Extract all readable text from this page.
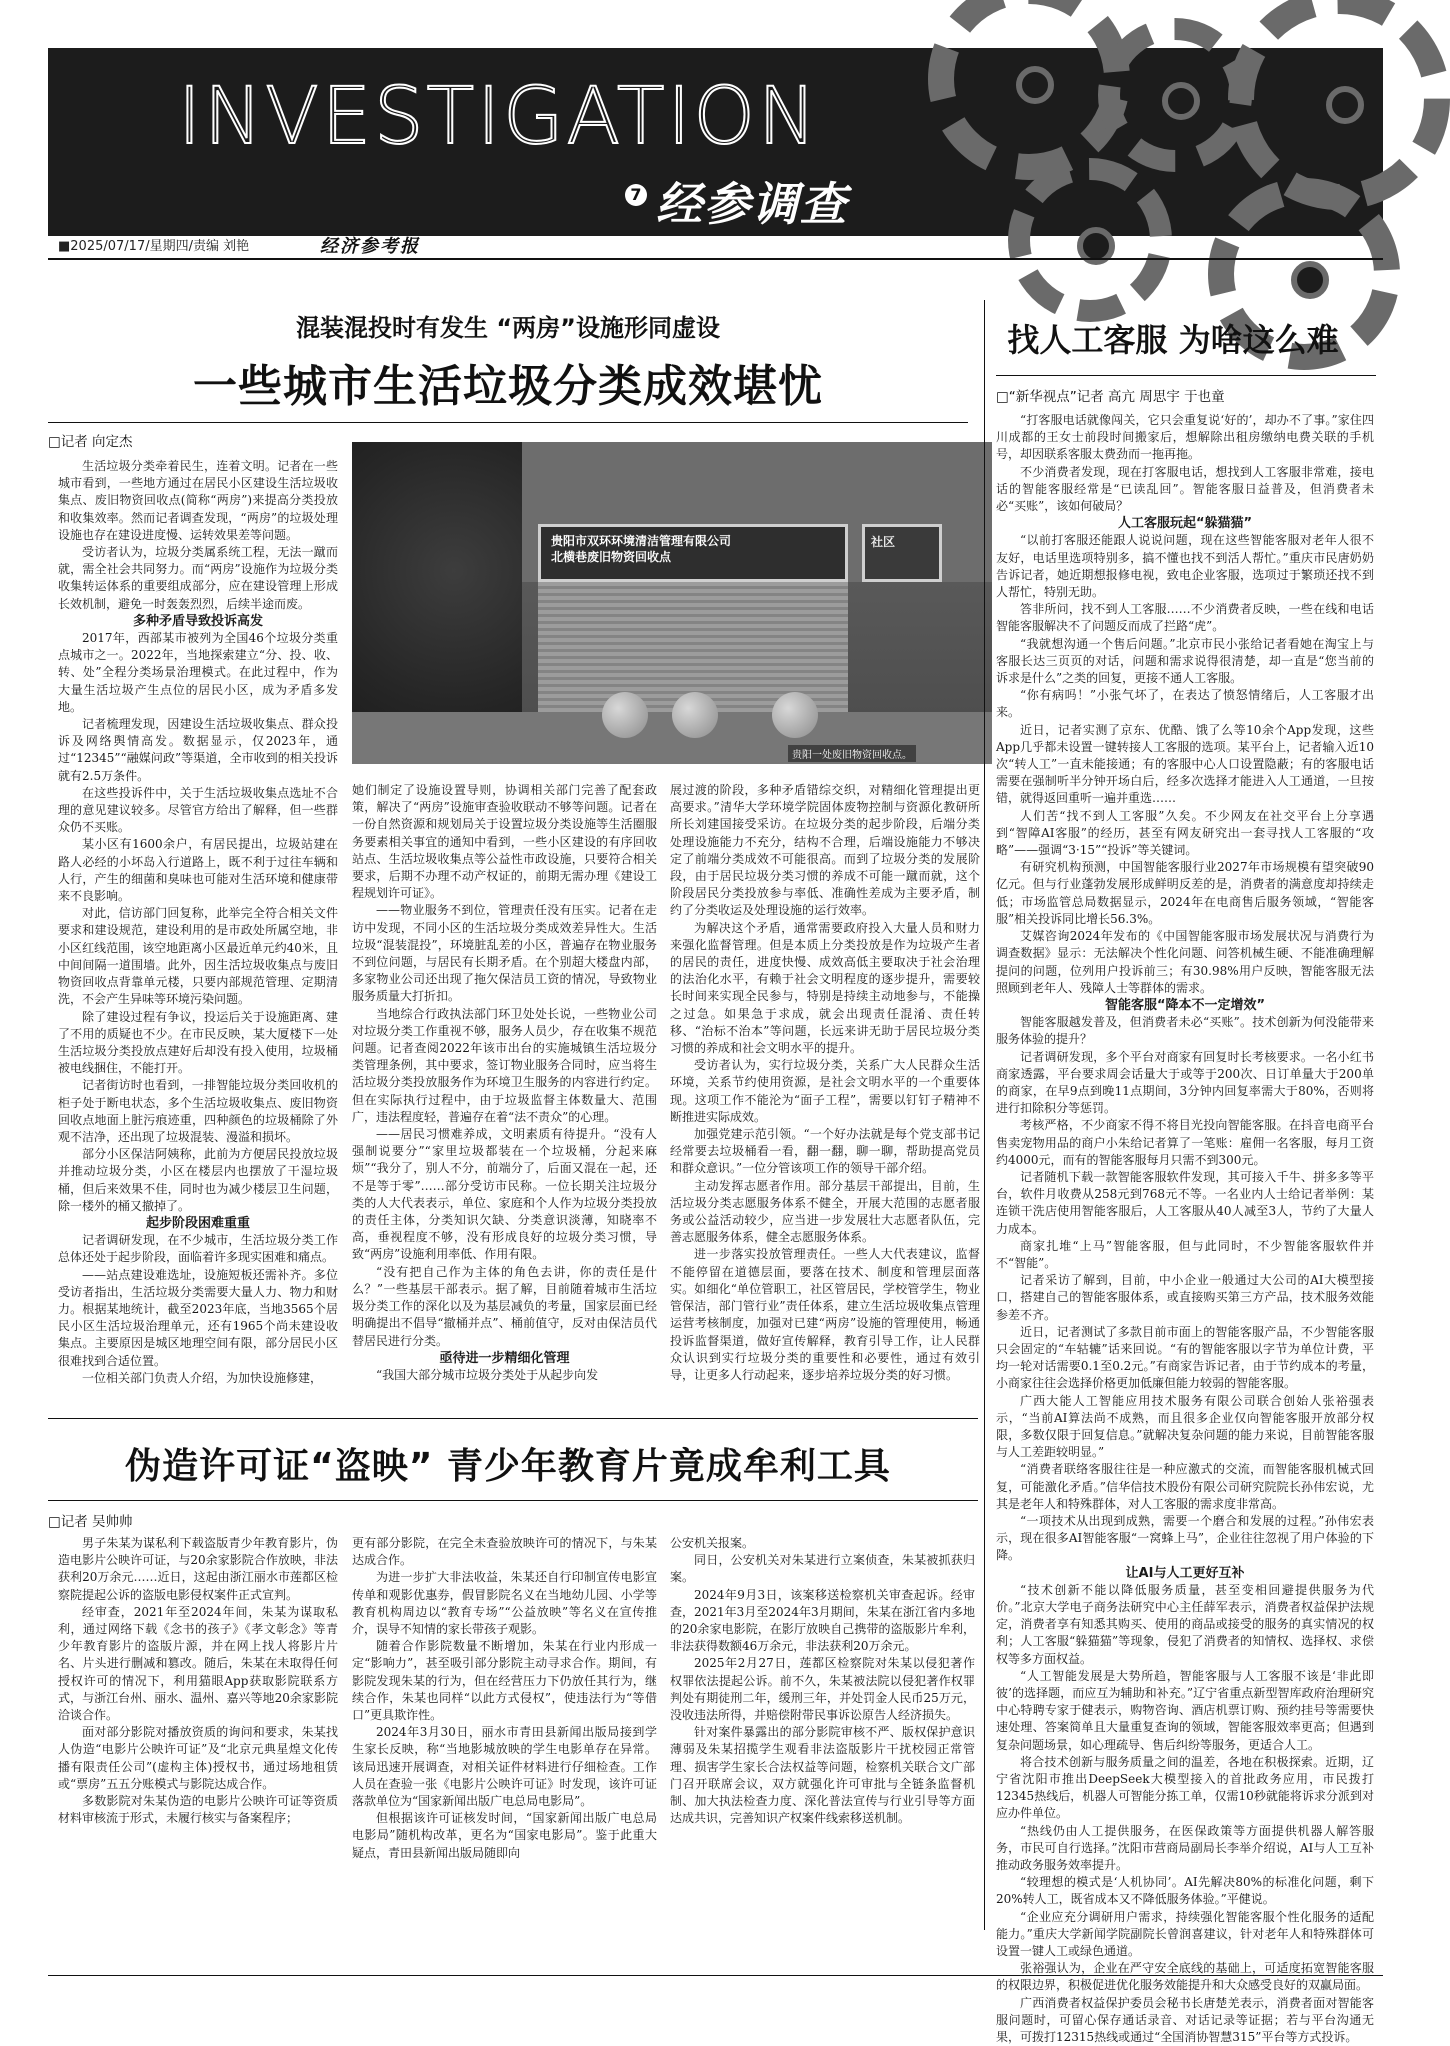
INVESTIGATION
7 经参调查
■2025/07/17/星期四/责编 刘艳	经济参考报
混装混投时有发生 “两房”设施形同虚设
一些城市生活垃圾分类成效堪忧
□记者 向定杰

生活垃圾分类牵着民生，连着文明。记者在一些城市看到，一些地方通过在居民小区建设生活垃圾收集点、废旧物资回收点(简称“两房”)来提高分类投放和收集效率。然而记者调查发现，“两房”的垃圾处理设施也存在建设进度慢、运转效果差等问题。

受访者认为，垃圾分类属系统工程，无法一蹴而就，需全社会共同努力。而“两房”设施作为垃圾分类收集转运体系的重要组成部分，应在建设管理上形成长效机制，避免一时轰轰烈烈，后续半途而废。

多种矛盾导致投诉高发

2017年，西部某市被列为全国46个垃圾分类重点城市之一。2022年，当地探索建立“分、投、收、转、处”全程分类场景治理模式。在此过程中，作为大量生活垃圾产生点位的居民小区，成为矛盾多发地。

记者梳理发现，因建设生活垃圾收集点、群众投诉及网络舆情高发。数据显示，仅2023年，通过“12345”“融媒问政”等渠道，全市收到的相关投诉就有2.5万条件。

在这些投诉件中，关于生活垃圾收集点选址不合理的意见建议较多。尽管官方给出了解释，但一些群众仍不买账。

某小区有1600余户，有居民提出，垃圾站建在路人必经的小坏岛入行道路上，既不利于过往车辆和人行，产生的细菌和臭味也可能对生活环境和健康带来不良影响。

对此，信访部门回复称，此举完全符合相关文件要求和建设规范，建设利用的是市政处所属空地，非小区红线范围，该空地距离小区最近单元约40米，且中间间隔一道围墙。此外，因生活垃圾收集点与废旧物资回收点背靠单元楼，只要内部规范管理、定期清洗，不会产生异味等环境污染问题。

除了建设过程有争议，投运后关于设施距离、建了不用的质疑也不少。在市民反映，某大厦楼下一处生活垃圾分类投放点建好后却没有投入使用，垃圾桶被电线捆住，不能打开。

记者街访时也看到，一排智能垃圾分类回收机的柜子处于断电状态，多个生活垃圾收集点、废旧物资回收点地面上脏污痕迹重，四种颜色的垃圾桶除了外观不洁净，还出现了垃圾混装、漫溢和损坏。

部分小区保洁阿姨称，此前为方便居民投放垃圾并推动垃圾分类，小区在楼层内也摆放了干湿垃圾桶，但后来效果不佳，同时也为减少楼层卫生问题，除一楼外的桶又撤掉了。

起步阶段困难重重

记者调研发现，在不少城市，生活垃圾分类工作总体还处于起步阶段，面临着许多现实困难和痛点。

——站点建设难选址，设施短板还需补齐。多位受访者指出，生活垃圾分类需要大量人力、物力和财力。根据某地统计，截至2023年底，当地3565个居民小区生活垃圾治理单元，还有1965个尚未建设收集点。主要原因是城区地理空间有限，部分居民小区很难找到合适位置。

一位相关部门负责人介绍，为加快设施修建，

贵阳市双环环境清洁管理有限公司
北横巷废旧物资回收点
社区
贵阳一处废旧物资回收点。

她们制定了设施设置导则，协调相关部门完善了配套政策，解决了“两房”设施审查验收联动不够等问题。记者在一份自然资源和规划局关于设置垃圾分类设施等生活圈服务要素相关事宜的通知中看到，一些小区建设的有序回收站点、生活垃圾收集点等公益性市政设施，只要符合相关要求，后期不办理不动产权证的，前期无需办理《建设工程规划许可证》。

——物业服务不到位，管理责任没有压实。记者在走访中发现，不同小区的生活垃圾分类成效差异性大。生活垃圾“混装混投”，环境脏乱差的小区，普遍存在物业服务不到位问题，与居民有长期矛盾。在个别超大楼盘内部，多家物业公司还出现了拖欠保洁员工资的情况，导致物业服务质量大打折扣。

当地综合行政执法部门环卫处处长说，一些物业公司对垃圾分类工作重视不够，服务人员少，存在收集不规范问题。记者查阅2022年该市出台的实施城镇生活垃圾分类管理条例，其中要求，签订物业服务合同时，应当将生活垃圾分类投放服务作为环境卫生服务的内容进行约定。但在实际执行过程中，由于垃圾监督主体数量大、范围广，违法程度轻，普遍存在着“法不责众”的心理。

——居民习惯难养成，文明素质有待提升。“没有人强制说要分”“家里垃圾都装在一个垃圾桶，分起来麻烦”“我分了，别人不分，前端分了，后面又混在一起，还不是等于零”……部分受访市民称。一位长期关注垃圾分类的人大代表表示，单位、家庭和个人作为垃圾分类投放的责任主体，分类知识欠缺、分类意识淡薄，知晓率不高，垂视程度不够，没有形成良好的垃圾分类习惯，导致“两房”设施利用率低、作用有限。

“没有把自己作为主体的角色去讲，你的责任是什么？”一些基层干部表示。据了解，目前随着城市生活垃圾分类工作的深化以及为基层减负的考量，国家层面已经明确提出不倡导“撤桶并点”、桶前值守，反对由保洁员代替居民进行分类。

亟待进一步精细化管理

“我国大部分城市垃圾分类处于从起步向发

展过渡的阶段，多种矛盾错综交织，对精细化管理提出更高要求。”清华大学环境学院固体废物控制与资源化教研所所长刘建国接受采访。在垃圾分类的起步阶段，后端分类处理设施能力不充分，结构不合理，后端设施能力不够决定了前端分类成效不可能很高。而到了垃圾分类的发展阶段，由于居民垃圾分类习惯的养成不可能一蹴而就，这个阶段居民分类投放参与率低、准确性差成为主要矛盾，制约了分类收运及处理设施的运行效率。

为解决这个矛盾，通常需要政府投入大量人员和财力来强化监督管理。但是本质上分类投放是作为垃圾产生者的居民的责任，进度快慢、成效高低主要取决于社会治理的法治化水平，有赖于社会文明程度的逐步提升，需要较长时间来实现全民参与，特别是持续主动地参与，不能操之过急。如果急于求成，就会出现责任混淆、责任转移、“治标不治本”等问题，长远来讲无助于居民垃圾分类习惯的养成和社会文明水平的提升。

受访者认为，实行垃圾分类，关系广大人民群众生活环境，关系节约使用资源，是社会文明水平的一个重要体现。这项工作不能沦为“面子工程”，需要以钉钉子精神不断推进实际成效。

加强党建示范引领。“一个好办法就是每个党支部书记经常要去垃圾桶看一看，翻一翻，聊一聊，帮助提高党员和群众意识。”一位分管该项工作的领导干部介绍。

主动发挥志愿者作用。部分基层干部提出，目前，生活垃圾分类志愿服务体系不健全，开展大范围的志愿者服务或公益活动较少，应当进一步发展壮大志愿者队伍，完善志愿服务体系，健全志愿服务体系。

进一步落实投放管理责任。一些人大代表建议，监督不能停留在道德层面，要落在技术、制度和管理层面落实。如细化“单位管职工，社区管居民，学校管学生，物业管保洁，部门管行业”责任体系，建立生活垃圾收集点管理运营考核制度，加强对已建“两房”设施的管理使用，畅通投诉监督渠道，做好宣传解释，教育引导工作，让人民群众认识到实行垃圾分类的重要性和必要性，通过有效引导，让更多人行动起来，逐步培养垃圾分类的好习惯。

找人工客服 为啥这么难
□“新华视点”记者 高亢 周思宇 于也童

“打客服电话就像闯关，它只会重复说‘好的’，却办不了事。”家住四川成都的王女士前段时间搬家后，想解除出租房缴纳电费关联的手机号，却因联系客服太费劲而一拖再拖。

不少消费者发现，现在打客服电话，想找到人工客服非常难，接电话的智能客服经常是“已读乱回”。智能客服日益普及，但消费者未必“买账”，该如何破局？

人工客服玩起“躲猫猫”

“以前打客服还能跟人说说问题，现在这些智能客服对老年人很不友好，电话里选项特别多，搞不懂也找不到活人帮忙。”重庆市民唐奶奶告诉记者，她近期想报修电视，致电企业客服，选项过于繁琐还找不到人帮忙，特别无助。

答非所问，找不到人工客服……不少消费者反映，一些在线和电话智能客服解决不了问题反而成了拦路“虎”。

“我就想沟通一个售后问题。”北京市民小张给记者看她在淘宝上与客服长达三页页的对话，问题和需求说得很清楚，却一直是“您当前的诉求是什么”之类的回复，更接不通人工客服。

“你有病吗！”小张气坏了，在表达了愤怒情绪后，人工客服才出来。

近日，记者实测了京东、优酷、饿了么等10余个App发现，这些App几乎都未设置一键转接人工客服的选项。某平台上，记者输入近10次“转人工”一直未能接通；有的客服中心人口设置隐蔽；有的客服电话需要在强制听半分钟开场白后，经多次选择才能进入人工通道，一旦按错，就得返回重听一遍并重选……

人们苦“找不到人工客服”久矣。不少网友在社交平台上分享遇到“智障AI客服”的经历，甚至有网友研究出一套寻找人工客服的“攻略”——强调“3·15”“投诉”等关键词。

有研究机构预测，中国智能客服行业2027年市场规模有望突破90亿元。但与行业蓬勃发展形成鲜明反差的是，消费者的满意度却持续走低；市场监管总局数据显示，2024年在电商售后服务领域，“智能客服”相关投诉同比增长56.3%。

艾媒咨询2024年发布的《中国智能客服市场发展状况与消费行为调查数据》显示：无法解决个性化问题、问答机械生硬、不能准确理解提问的问题，位列用户投诉前三；有30.98%用户反映，智能客服无法照顾到老年人、残障人士等群体的需求。

智能客服“降本不一定增效”

智能客服越发普及，但消费者未必“买账”。技术创新为何没能带来服务体验的提升？

记者调研发现，多个平台对商家有回复时长考核要求。一名小红书商家透露，平台要求周会话量大于或等于200次、日订单量大于200单的商家，在早9点到晚11点期间，3分钟内回复率需大于80%，否则将进行扣除积分等惩罚。

考核严格，不少商家不得不将目光投向智能客服。在抖音电商平台售卖宠物用品的商户小朱给记者算了一笔账：雇佣一名客服，每月工资约4000元，而有的智能客服每月只需不到300元。

记者随机下载一款智能客服软件发现，其可接入千牛、拼多多等平台，软件月收费从258元到768元不等。一名业内人士给记者举例：某连锁干洗店使用智能客服后，人工客服从40人减至3人，节约了大量人力成本。

商家扎堆“上马”智能客服，但与此同时，不少智能客服软件并不“智能”。

记者采访了解到，目前，中小企业一般通过大公司的AI大模型接口，搭建自己的智能客服体系，或直接购买第三方产品，技术服务效能参差不齐。

近日，记者测试了多款目前市面上的智能客服产品，不少智能客服只会固定的“车轱辘”话来回说。“有的智能客服以字节为单位计费，平均一轮对话需要0.1至0.2元。”有商家告诉记者，由于节约成本的考量，小商家往往会选择价格更加低廉但能力较弱的智能客服。

广西大能人工智能应用技术服务有限公司联合创始人张裕强表示，“当前AI算法尚不成熟，而且很多企业仅向智能客服开放部分权限，多数仅限于回复信息。”就解决复杂问题的能力来说，目前智能客服与人工差距较明显。”

“消费者联络客服往往是一种应激式的交流，而智能客服机械式回复，可能激化矛盾。”信华信技术股份有限公司研究院院长孙伟宏说，尤其是老年人和特殊群体，对人工客服的需求度非常高。

“一项技术从出现到成熟，需要一个磨合和发展的过程。”孙伟宏表示，现在很多AI智能客服“一窝蜂上马”，企业往往忽视了用户体验的下降。

让AI与人工更好互补

“技术创新不能以降低服务质量，甚至变相回避提供服务为代价。”北京大学电子商务法研究中心主任薛军表示，消费者权益保护法规定，消费者享有知悉其购买、使用的商品或接受的服务的真实情况的权利；人工客服“躲猫猫”等现象，侵犯了消费者的知情权、选择权、求偿权等多方面权益。

“人工智能发展是大势所趋，智能客服与人工客服不该是‘非此即彼’的选择题，而应互为辅助和补充。”辽宁省重点新型智库政府治理研究中心特聘专家于健表示，购物咨询、酒店机票订购、预约挂号等需要快速处理、答案简单且大量重复查询的领域，智能客服效率更高；但遇到复杂问题场景，如心理疏导、售后纠纷等服务，更适合人工。

将合技术创新与服务质量之间的温差，各地在积极探索。近期，辽宁省沈阳市推出DeepSeek大模型接入的首批政务应用，市民拨打12345热线后，机器人可智能分拣工单，仅需10秒就能将诉求分派到对应办件单位。

“热线仍由人工提供服务，在医保政策等方面提供机器人解答服务，市民可自行选择。”沈阳市营商局副局长李举介绍说，AI与人工互补推动政务服务效率提升。

“较理想的模式是‘人机协同’。AI先解决80%的标准化问题，剩下20%转人工，既省成本又不降低服务体验。”平健说。

“企业应充分调研用户需求，持续强化智能客服个性化服务的适配能力。”重庆大学新闻学院副院长曾润喜建议，针对老年人和特殊群体可设置一键人工或绿色通道。

张裕强认为，企业在严守安全底线的基础上，可适度拓宽智能客服的权限边界，积极促进优化服务效能提升和大众感受良好的双赢局面。

广西消费者权益保护委员会秘书长唐楚羌表示，消费者面对智能客服问题时，可留心保存通话录音、对话记录等证据；若与平台沟通无果，可拨打12315热线或通过“全国消协智慧315”平台等方式投诉。

伪造许可证“盗映” 青少年教育片竟成牟利工具
□记者 吴帅帅

男子朱某为谋私利下载盗版青少年教育影片，伪造电影片公映许可证，与20余家影院合作放映，非法获利20万余元……近日，这起由浙江丽水市莲都区检察院提起公诉的盗版电影侵权案件正式宣判。

经审查，2021年至2024年间，朱某为谋取私利，通过网络下载《念书的孩子》《孝文彰念》等青少年教育影片的盗版片源，并在网上找人将影片片名、片头进行删减和篡改。随后，朱某在未取得任何授权许可的情况下，利用猫眼App获取影院联系方式，与浙江台州、丽水、温州、嘉兴等地20余家影院洽谈合作。

面对部分影院对播放资质的询问和要求，朱某找人伪造“电影片公映许可证”及“北京元典星煌文化传播有限责任公司”(虚构主体)授权书，通过场地租赁或“票房”五五分账模式与影院达成合作。

多数影院对朱某伪造的电影片公映许可证等资质材料审核流于形式，未履行核实与备案程序；

更有部分影院，在完全未查验放映许可的情况下，与朱某达成合作。

为进一步扩大非法收益，朱某还自行印制宣传电影宣传单和观影优惠券，假冒影院名义在当地幼儿园、小学等教育机构周边以“教育专场”“公益放映”等名义在宣传推介，误导不知情的家长带孩子观影。

随着合作影院数量不断增加，朱某在行业内形成一定“影响力”，甚至吸引部分影院主动寻求合作。期间，有影院发现朱某的行为，但在经营压力下仍放任其行为，继续合作，朱某也同样“以此方式侵权”，使违法行为“等借口”更具欺诈性。

2024年3月30日，丽水市青田县新闻出版局接到学生家长反映，称“当地影城放映的学生电影单存在异常。该局迅速开展调查，对相关证件材料进行仔细检查。工作人员在查验一张《电影片公映许可证》时发现，该许可证落款单位为“国家新闻出版广电总局电影局”。

但根据该许可证核发时间，“国家新闻出版广电总局电影局”随机构改革，更名为“国家电影局”。鉴于此重大疑点，青田县新闻出版局随即向

公安机关报案。

同日，公安机关对朱某进行立案侦查，朱某被抓获归案。

2024年9月3日，该案移送检察机关审查起诉。经审查，2021年3月至2024年3月期间，朱某在浙江省内多地的20余家电影院，在影厅放映自己携带的盗版影片牟利，非法获得数额46万余元，非法获利20万余元。

2025年2月27日，莲都区检察院对朱某以侵犯著作权罪依法提起公诉。前不久，朱某被法院以侵犯著作权罪判处有期徒刑二年，缓刑三年，并处罚金人民币25万元，没收违法所得，并赔偿附带民事诉讼原告人经济损失。

针对案件暴露出的部分影院审核不严、版权保护意识薄弱及朱某招揽学生观看非法盗版影片干扰校园正常管理、损害学生家长合法权益等问题，检察机关联合文广部门召开联席会议，双方就强化许可审批与全链条监督机制、加大执法检查力度、深化普法宣传与行业引导等方面达成共识，完善知识产权案件线索移送机制。
